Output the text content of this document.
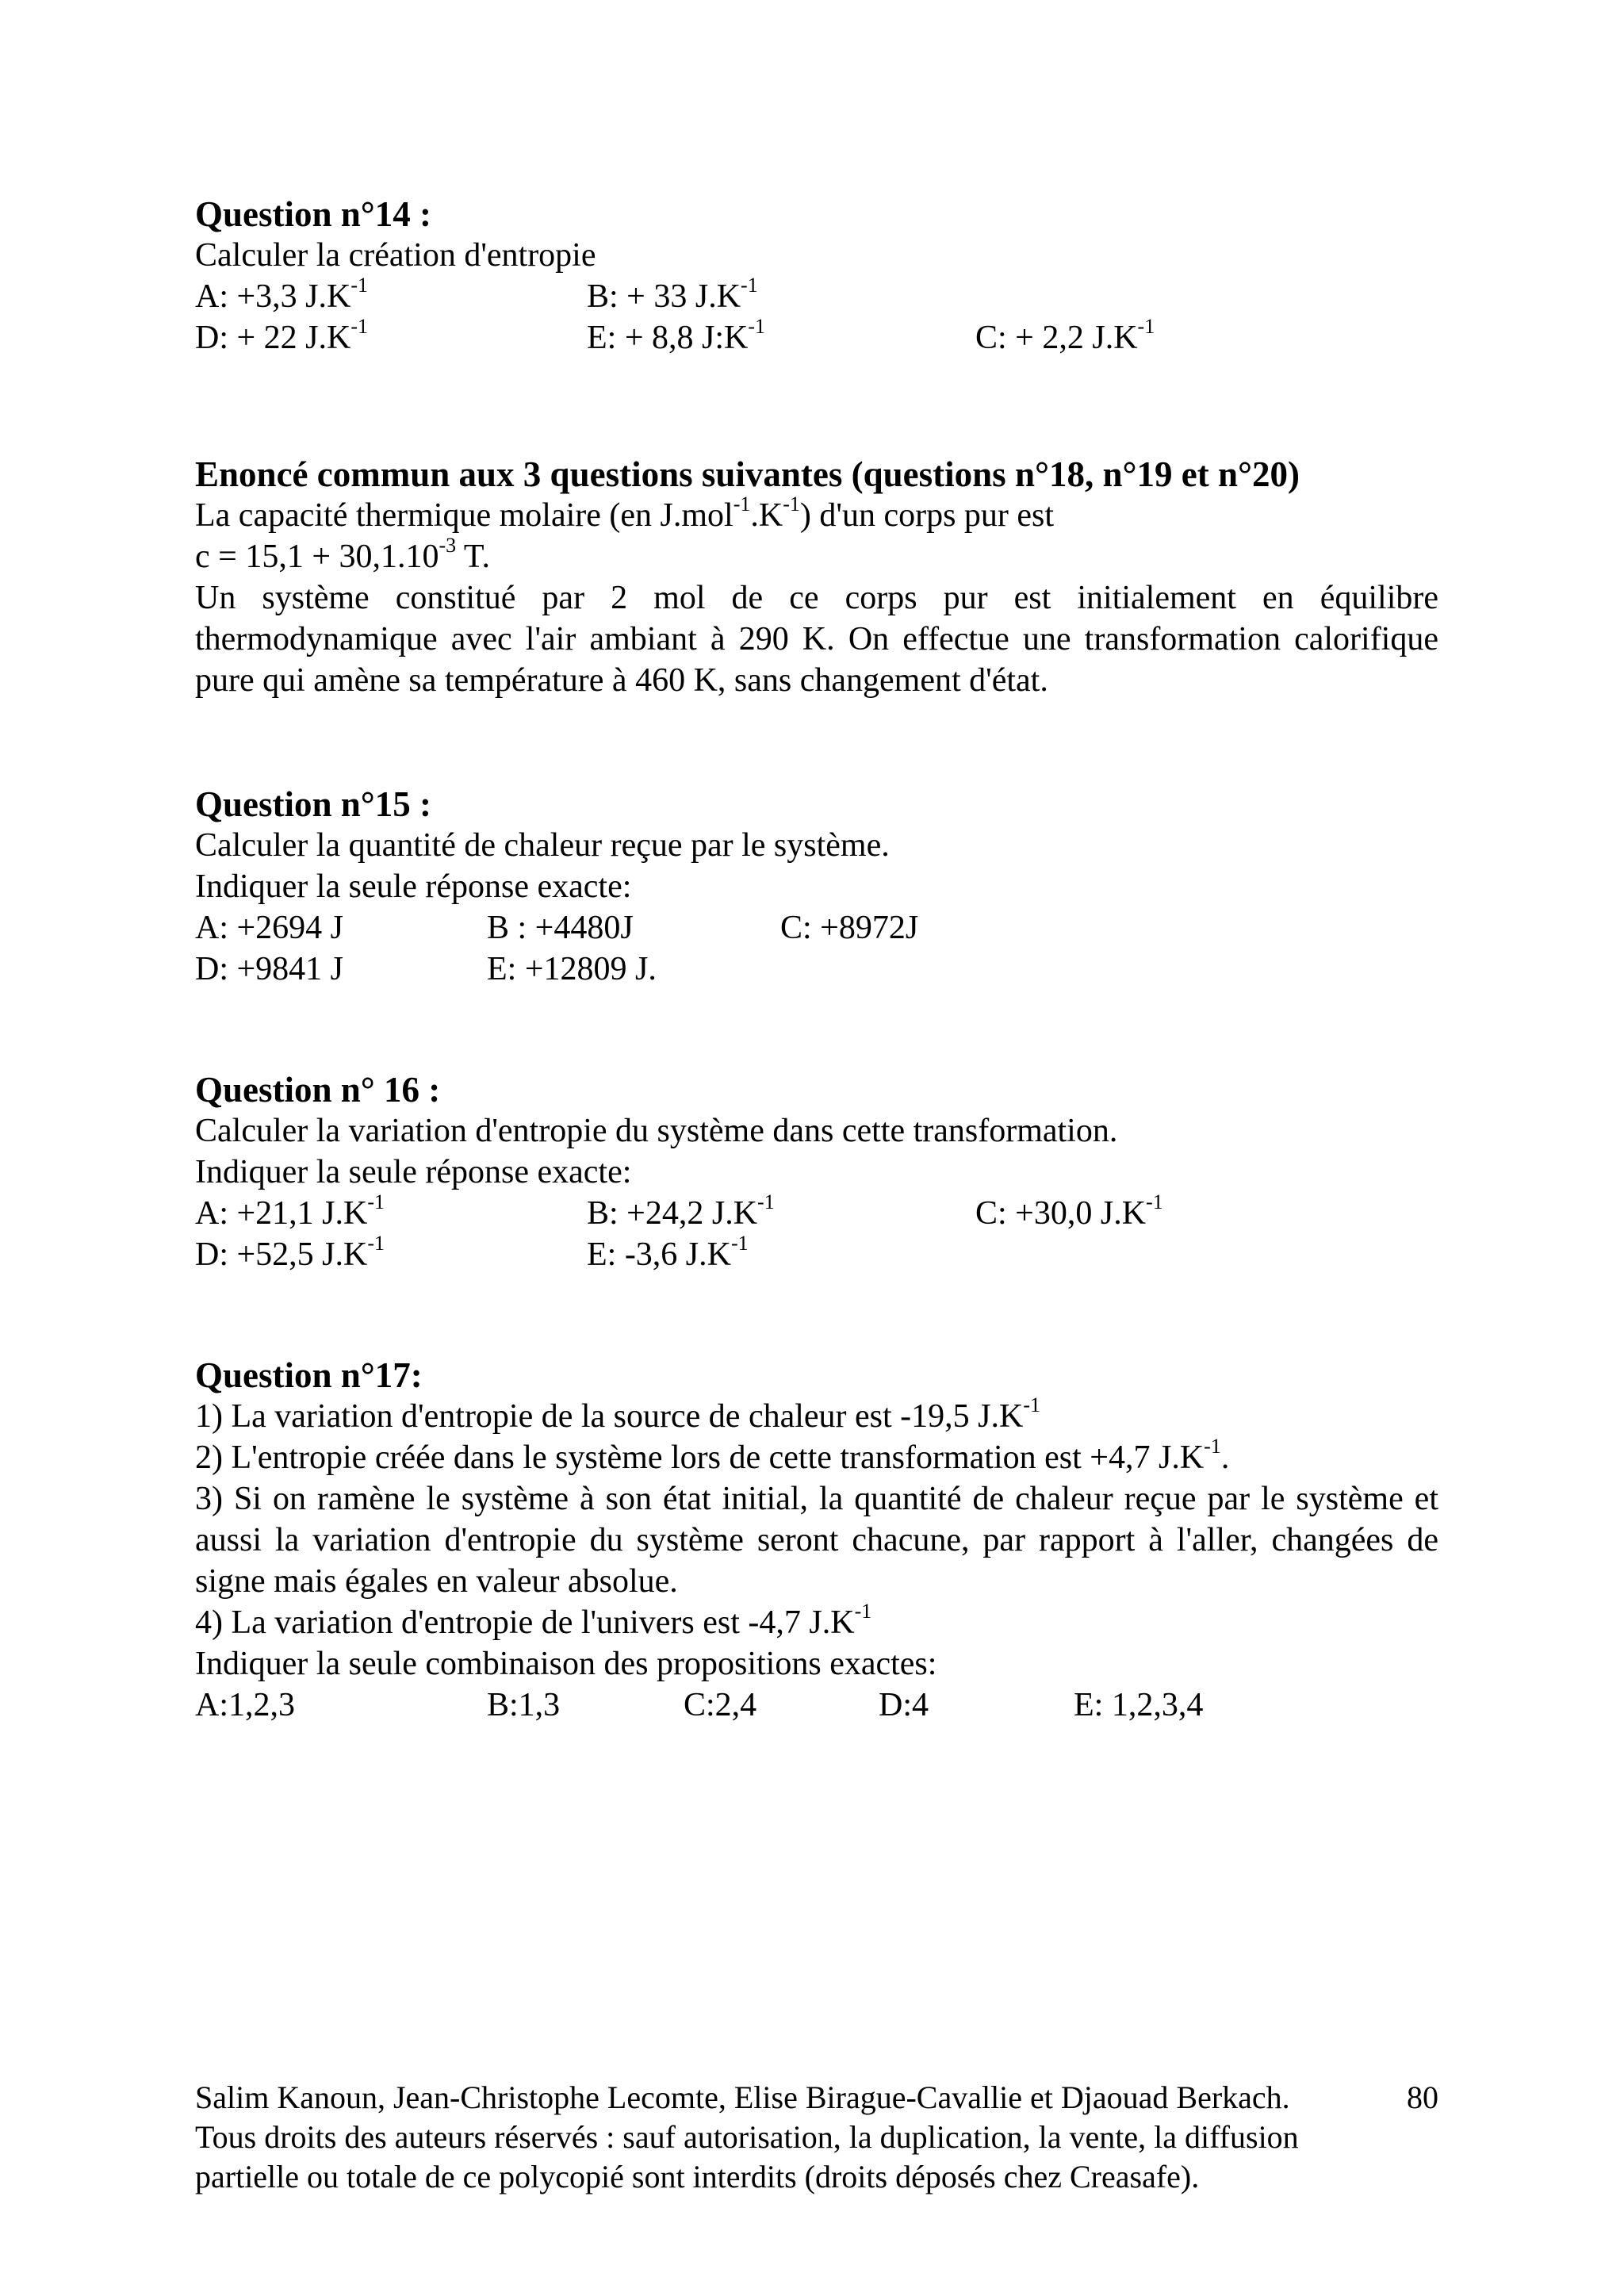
Question n°14 :
Calculer la création d'entropie
A: +3,3 $J.K^{-1}$	B: + 33 $J.K^{-1}$
D: + 22 $J.K^{-1}$	E: + 8,8 $J:K^{-1}$	C: + 2,2 $J.K^{-1}$
Enoncé commun aux 3 questions suivantes (questions n°18, n°19 et n°20)
La capacité thermique molaire (en $J.mol^{-1}.K^{-1}$) d'un corps pur est
$c = 15,1 + 30,1.10^{-3}$ T.
Un système constitué par 2 mol de ce corps pur est initialement en équilibre thermodynamique avec l'air ambiant à 290 K. On effectue une transformation calorifique pure qui amène sa température à 460 K, sans changement d'état.
Question n°15 :
Calculer la quantité de chaleur reçue par le système.
Indiquer la seule réponse exacte:
A: +2694 J	B : +4480J	C: +8972J
D: +9841 J	E: +12809 J.
Question n° 16 :
Calculer la variation d'entropie du système dans cette transformation.
Indiquer la seule réponse exacte:
A: +21,1 $J.K^{-1}$	B: +24,2 $J.K^{-1}$	C: +30,0 $J.K^{-1}$
D: +52,5 $J.K^{-1}$	E: -3,6 $J.K^{-1}$
Question n°17:
1) La variation d'entropie de la source de chaleur est -19,5 $J.K^{-1}$
2) L'entropie créée dans le système lors de cette transformation est +4,7 $J.K^{-1}$.
3) Si on ramène le système à son état initial, la quantité de chaleur reçue par le système et aussi la variation d'entropie du système seront chacune, par rapport à l'aller, changées de signe mais égales en valeur absolue.
4) La variation d'entropie de l'univers est -4,7 $J.K^{-1}$
Indiquer la seule combinaison des propositions exactes:
A:1,2,3	B:1,3	C:2,4	D:4	E: 1,2,3,4
Salim Kanoun, Jean-Christophe Lecomte, Elise Birague-Cavallie et Djaouad Berkach.	80
Tous droits des auteurs réservés : sauf autorisation, la duplication, la vente, la diffusion
partielle ou totale de ce polycopié sont interdits (droits déposés chez Creasafe).
